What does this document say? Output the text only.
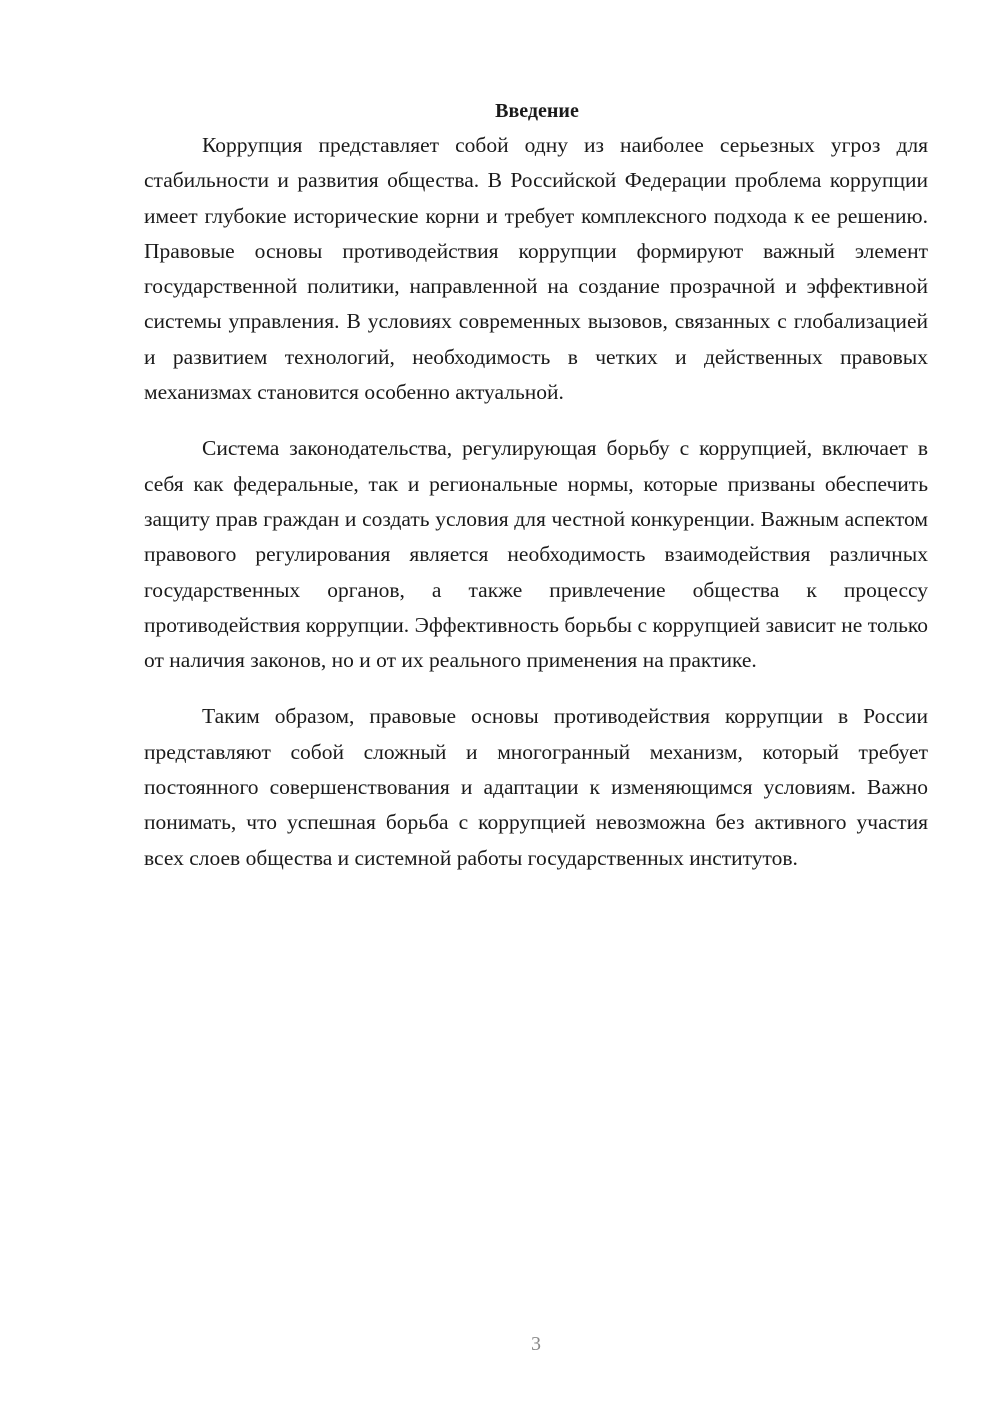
Введение

Коррупция представляет собой одну из наиболее серьезных угроз для стабильности и развития общества. В Российской Федерации проблема коррупции имеет глубокие исторические корни и требует комплексного подхода к ее решению. Правовые основы противодействия коррупции формируют важный элемент государственной политики, направленной на создание прозрачной и эффективной системы управления. В условиях современных вызовов, связанных с глобализацией и развитием технологий, необходимость в четких и действенных правовых механизмах становится особенно актуальной.

Система законодательства, регулирующая борьбу с коррупцией, включает в себя как федеральные, так и региональные нормы, которые призваны обеспечить защиту прав граждан и создать условия для честной конкуренции. Важным аспектом правового регулирования является необходимость взаимодействия различных государственных органов, а также привлечение общества к процессу противодействия коррупции. Эффективность борьбы с коррупцией зависит не только от наличия законов, но и от их реального применения на практике.

Таким образом, правовые основы противодействия коррупции в России представляют собой сложный и многогранный механизм, который требует постоянного совершенствования и адаптации к изменяющимся условиям. Важно понимать, что успешная борьба с коррупцией невозможна без активного участия всех слоев общества и системной работы государственных институтов.

3
